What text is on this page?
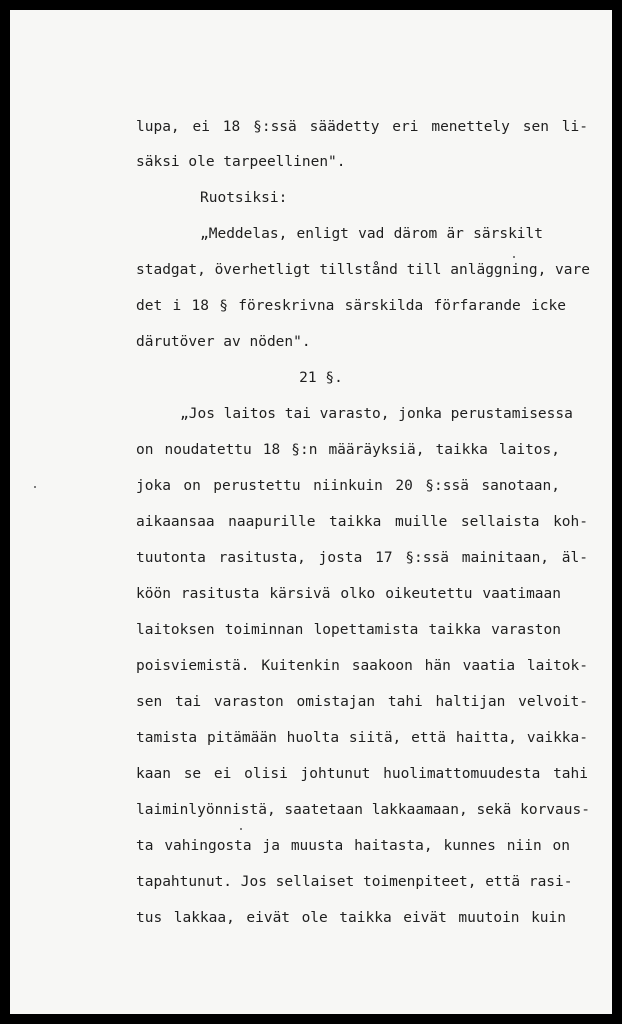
lupa, ei 18 §:ssä säädetty eri menettely sen li-
säksi ole tarpeellinen".
Ruotsiksi:
„Meddelas, enligt vad därom är särskilt
stadgat, överhetligt tillstånd till anläggning, vare
det i 18 § föreskrivna särskilda förfarande icke
därutöver av nöden".
21 §.
„Jos laitos tai varasto, jonka perustamisessa
on noudatettu 18 §:n määräyksiä, taikka laitos,
joka on perustettu niinkuin 20 §:ssä sanotaan,
aikaansaa naapurille taikka muille sellaista koh-
tuutonta rasitusta, josta 17 §:ssä mainitaan, äl-
köön rasitusta kärsivä olko oikeutettu vaatimaan
laitoksen toiminnan lopettamista taikka varaston
poisviemistä. Kuitenkin saakoon hän vaatia laitok-
sen tai varaston omistajan tahi haltijan velvoit-
tamista pitämään huolta siitä, että haitta, vaikka-
kaan se ei olisi johtunut huolimattomuudesta tahi
laiminlyönnistä, saatetaan lakkaamaan, sekä korvaus-
ta vahingosta ja muusta haitasta, kunnes niin on
tapahtunut. Jos sellaiset toimenpiteet, että rasi-
tus lakkaa, eivät ole taikka eivät muutoin kuin
